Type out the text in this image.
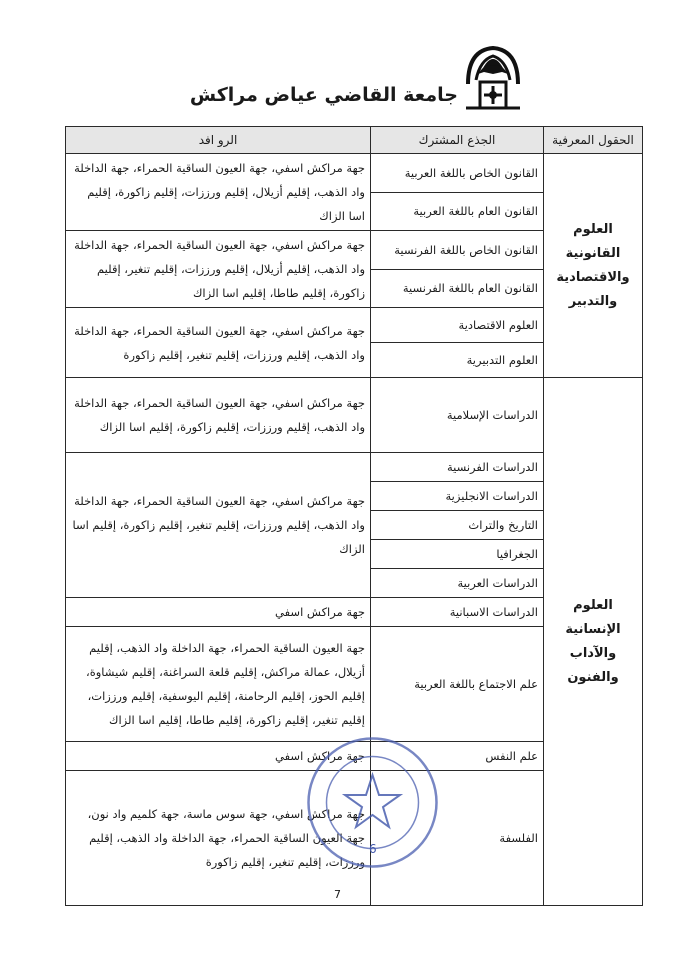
جامعة القاضي عياض مراكش
الحقول المعرفية	الجذع المشترك	الرو افد
العلوم القانونية والاقتصادية والتدبير	القانون الخاص باللغة العربية	جهة مراكش اسفي، جهة العيون الساقية الحمراء، جهة الداخلة واد الذهب، إقليم أزيلال، إقليم ورززات، إقليم زاكورة، إقليم اسا الزاك
	القانون العام باللغة العربية	
	القانون الخاص باللغة الفرنسية	جهة مراكش اسفي، جهة العيون الساقية الحمراء، جهة الداخلة واد الذهب، إقليم أزيلال، إقليم ورززات، إقليم تنغير، إقليم زاكورة، إقليم طاطا، إقليم اسا الزاك
	القانون العام باللغة الفرنسية	
	العلوم الاقتصادية	جهة مراكش اسفي، جهة العيون الساقية الحمراء، جهة الداخلة واد الذهب، إقليم ورززات، إقليم تنغير، إقليم زاكورة
	العلوم التدبيرية	
العلوم الإنسانية والآداب والفنون	الدراسات الإسلامية	جهة مراكش اسفي، جهة العيون الساقية الحمراء، جهة الداخلة واد الذهب، إقليم ورززات، إقليم زاكورة، إقليم اسا الزاك
	الدراسات الفرنسية	جهة مراكش اسفي، جهة العيون الساقية الحمراء، جهة الداخلة واد الذهب، إقليم ورززات، إقليم تنغير، إقليم زاكورة، إقليم اسا الزاك
	الدراسات الانجليزية	
	التاريخ والتراث	
	الجغرافيا	
	الدراسات العربية	
	الدراسات الاسبانية	جهة مراكش اسفي
	علم الاجتماع باللغة العربية	جهة العيون الساقية الحمراء، جهة الداخلة واد الذهب، إقليم أزيلال، عمالة مراكش، إقليم قلعة السراغنة، إقليم شيشاوة، إقليم الحوز، إقليم الرحامنة، إقليم اليوسفية، إقليم ورززات، إقليم تنغير، إقليم زاكورة، إقليم طاطا، إقليم اسا الزاك
	علم النفس	جهة مراكش اسفي
	الفلسفة	جهة مراكش اسفي، جهة سوس ماسة، جهة كلميم واد نون، جهة العيون الساقية الحمراء، جهة الداخلة واد الذهب، إقليم ورززات، إقليم تنغير، إقليم زاكورة
6
7
